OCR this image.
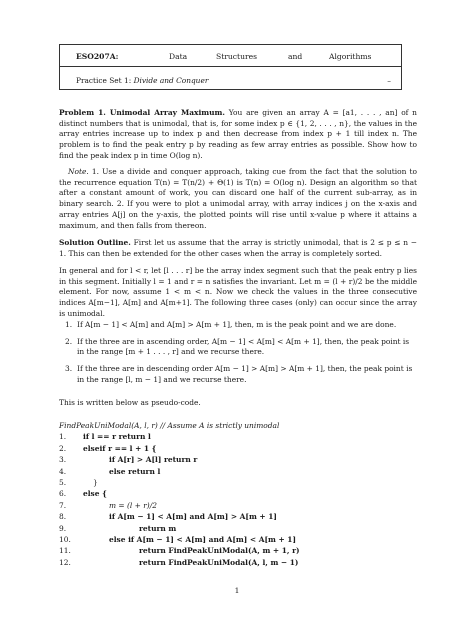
ESO207A:	Data	Structures	and	Algorithms
Practice Set 1: Divide and Conquer	–

Problem 1. Unimodal Array Maximum. You are given an array A = [a1, . . . , an] of n distinct numbers that is unimodal, that is, for some index p ∈ {1, 2, . . . , n}, the values in the array entries increase up to index p and then decrease from index p + 1 till index n. The problem is to find the peak entry p by reading as few array entries as possible. Show how to find the peak index p in time O(log n).

Note. 1. Use a divide and conquer approach, taking cue from the fact that the solution to the recurrence equation T(n) = T(n/2) + Θ(1) is T(n) = O(log n). Design an algorithm so that after a constant amount of work, you can discard one half of the current sub-array, as in binary search. 2. If you were to plot a unimodal array, with array indices j on the x-axis and array entries A[j] on the y-axis, the plotted points will rise until x-value p where it attains a maximum, and then falls from thereon.

Solution Outline. First let us assume that the array is strictly unimodal, that is 2 ≤ p ≤ n − 1. This can then be extended for the other cases when the array is completely sorted.

In general and for l < r, let [l . . . r] be the array index segment such that the peak entry p lies in this segment. Initially l = 1 and r = n satisfies the invariant. Let m = (l + r)/2 be the middle element. For now, assume 1 < m < n. Now we check the values in the three consecutive indices A[m−1], A[m] and A[m+1]. The following three cases (only) can occur since the array is unimodal.

1. If A[m − 1] < A[m] and A[m] > A[m + 1], then, m is the peak point and we are done.

2. If the three are in ascending order, A[m − 1] < A[m] < A[m + 1], then, the peak point is in the range [m + 1 . . . , r] and we recurse there.

3. If the three are in descending order A[m − 1] > A[m] > A[m + 1], then, the peak point is in the range [l, m − 1] and we recurse there.

This is written below as pseudo-code.

FindPeakUniModal(A, l, r) // Assume A is strictly unimodal
1. if l == r return l
2. elseif r == l + 1 {
3.	if A[r] > A[l] return r
4.	else return l
5.	}
6. else {
7.	m = (l + r)/2
8.	if A[m − 1] < A[m] and A[m] > A[m + 1]
9.	return m
10.	else if A[m − 1] < A[m] and A[m] < A[m + 1]
11.	return FindPeakUniModal(A, m + 1, r)
12.	return FindPeakUniModal(A, l, m − 1)
1
